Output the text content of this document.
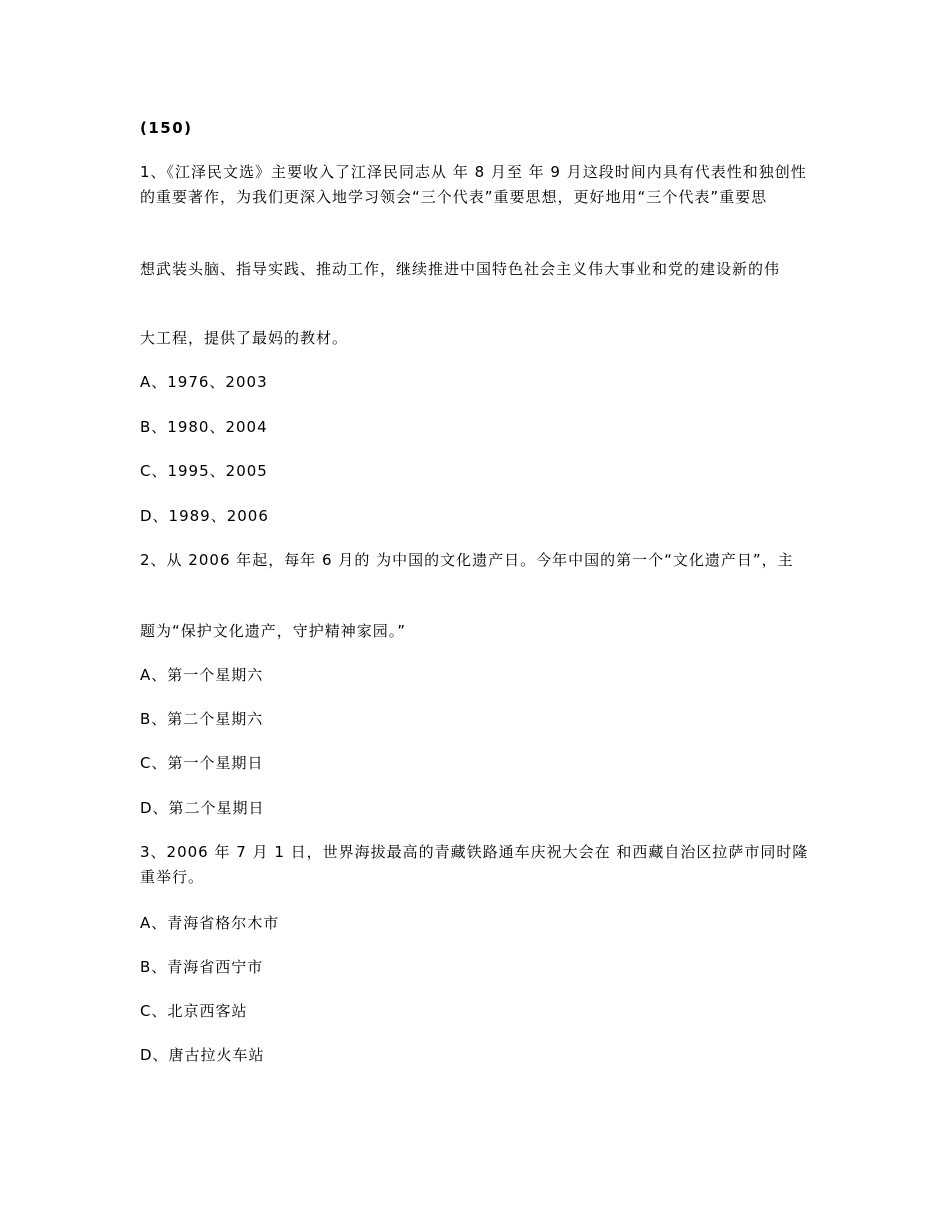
(150)
1、《江泽民文选》主要收入了江泽民同志从 年 8 月至 年 9 月这段时间内具有代表性和独创性的重要著作，为我们更深入地学习领会“三个代表”重要思想，更好地用“三个代表”重要思
想武装头脑、指导实践、推动工作，继续推进中国特色社会主义伟大事业和党的建设新的伟
大工程，提供了最妈的教材。
A、1976、2003
B、1980、2004
C、1995、2005
D、1989、2006
2、从 2006 年起，每年 6 月的 为中国的文化遗产日。今年中国的第一个“文化遗产日”，主
题为“保护文化遗产，守护精神家园。”
A、第一个星期六
B、第二个星期六
C、第一个星期日
D、第二个星期日
3、2006 年 7 月 1 日，世界海拔最高的青藏铁路通车庆祝大会在 和西藏自治区拉萨市同时隆重举行。
A、青海省格尔木市
B、青海省西宁市
C、北京西客站
D、唐古拉火车站
